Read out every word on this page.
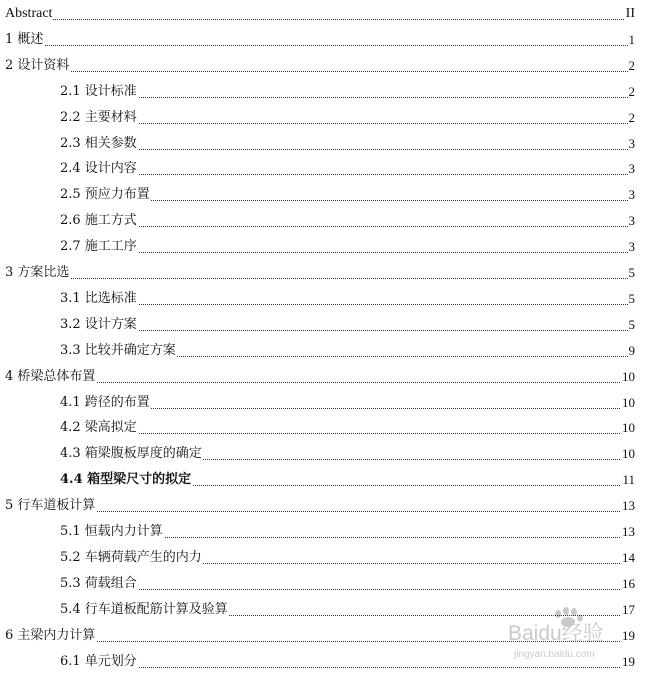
Abstract	II
1 概述	1
2 设计资料	2
2.1 设计标准	2
2.2 主要材料	2
2.3 相关参数	3
2.4 设计内容	3
2.5 预应力布置	3
2.6 施工方式	3
2.7 施工工序	3
3 方案比选	5
3.1 比选标准	5
3.2 设计方案	5
3.3 比较并确定方案	9
4 桥梁总体布置	10
4.1 跨径的布置	10
4.2 梁高拟定	10
4.3 箱梁腹板厚度的确定	10
4.4 箱型梁尺寸的拟定	11
5 行车道板计算	13
5.1 恒载内力计算	13
5.2 车辆荷载产生的内力	14
5.3 荷载组合	16
5.4 行车道板配筋计算及验算	17
6 主梁内力计算	19
6.1 单元划分	19
Baidu经验
jingyan.baidu.com
